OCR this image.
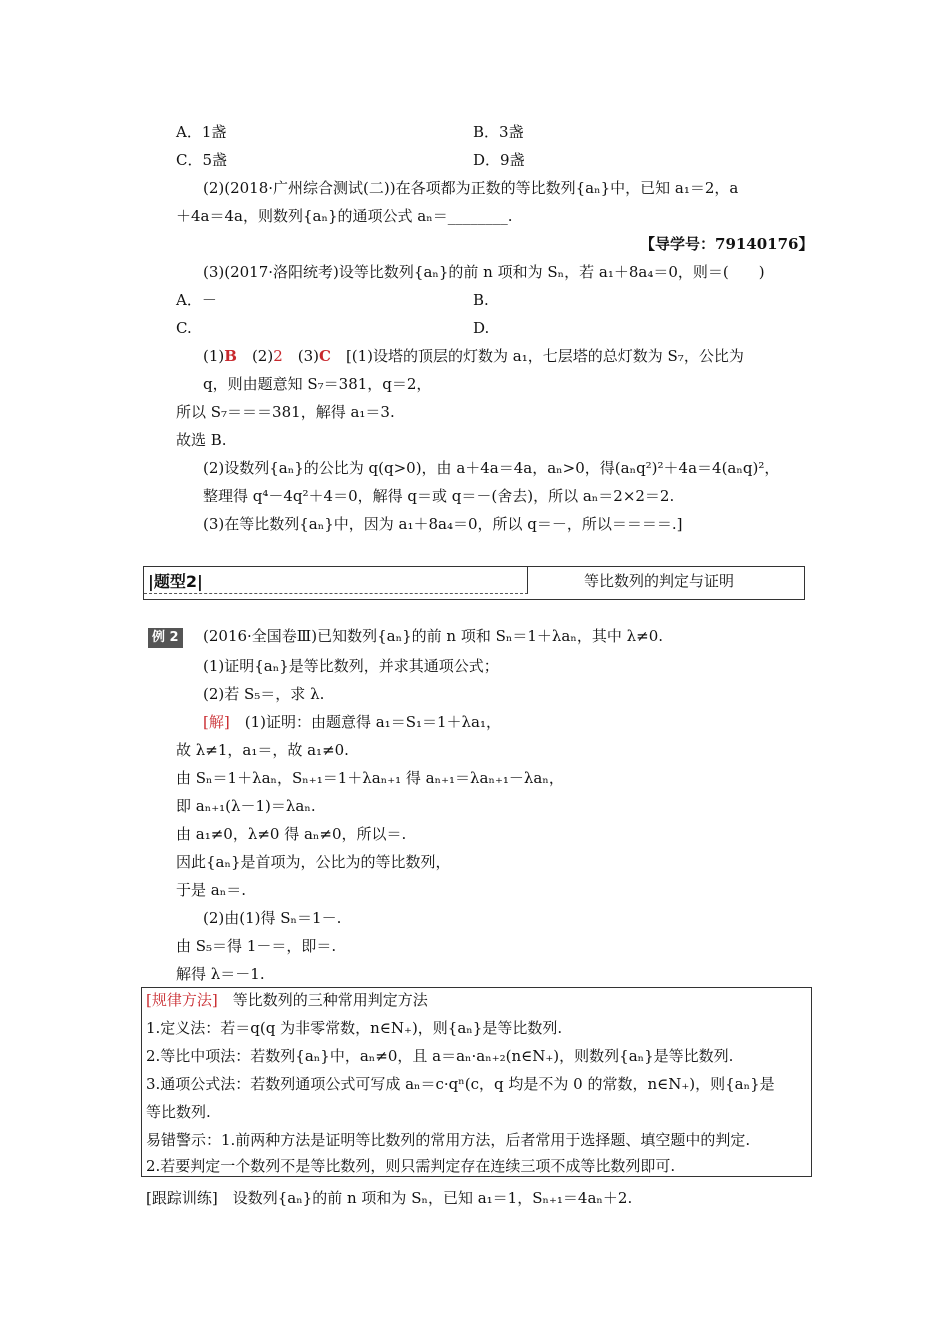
A．1盏	B．3盏
C．5盏	D．9盏
(2)(2018·广州综合测试(二))在各项都为正数的等比数列{aₙ}中，已知 a₁＝2，a
＋4a＝4a，则数列{aₙ}的通项公式 aₙ＝________.
【导学号：79140176】
(3)(2017·洛阳统考)设等比数列{aₙ}的前 n 项和为 Sₙ，若 a₁＋8a₄＝0，则＝(　　)
A．－	B.
C.	D.
(1)B　(2)2　(3)C　[(1)设塔的顶层的灯数为 a₁，七层塔的总灯数为 S₇，公比为
q，则由题意知 S₇＝381，q＝2，
所以 S₇＝＝＝381，解得 a₁＝3.
故选 B.
(2)设数列{aₙ}的公比为 q(q>0)，由 a＋4a＝4a，aₙ>0，得(aₙq²)²＋4a＝4(aₙq)²，
整理得 q⁴－4q²＋4＝0，解得 q＝或 q＝－(舍去)，所以 aₙ＝2×2＝2.
(3)在等比数列{aₙ}中，因为 a₁＋8a₄＝0，所以 q＝－，所以＝＝＝＝.]
|题型2|	等比数列的判定与证明
例 2 (2016·全国卷Ⅲ)已知数列{aₙ}的前 n 项和 Sₙ＝1＋λaₙ，其中 λ≠0.
(1)证明{aₙ}是等比数列，并求其通项公式；
(2)若 S₅＝，求 λ.
[解]　(1)证明：由题意得 a₁＝S₁＝1＋λa₁，
故 λ≠1，a₁＝，故 a₁≠0.
由 Sₙ＝1＋λaₙ，Sₙ₊₁＝1＋λaₙ₊₁ 得 aₙ₊₁＝λaₙ₊₁－λaₙ，
即 aₙ₊₁(λ－1)＝λaₙ.
由 a₁≠0，λ≠0 得 aₙ≠0，所以＝.
因此{aₙ}是首项为，公比为的等比数列，
于是 aₙ＝.
(2)由(1)得 Sₙ＝1－.
由 S₅＝得 1－＝，即＝.
解得 λ＝－1.
[规律方法]　等比数列的三种常用判定方法
1.定义法：若＝q(q 为非零常数，n∈N₊)，则{aₙ}是等比数列.
2.等比中项法：若数列{aₙ}中，aₙ≠0，且 a＝aₙ·aₙ₊₂(n∈N₊)，则数列{aₙ}是等比数列.
3.通项公式法：若数列通项公式可写成 aₙ＝c·qⁿ(c，q 均是不为 0 的常数，n∈N₊)，则{aₙ}是
等比数列.
易错警示：1.前两种方法是证明等比数列的常用方法，后者常用于选择题、填空题中的判定.
2.若要判定一个数列不是等比数列，则只需判定存在连续三项不成等比数列即可.
[跟踪训练]　设数列{aₙ}的前 n 项和为 Sₙ，已知 a₁＝1，Sₙ₊₁＝4aₙ＋2.
